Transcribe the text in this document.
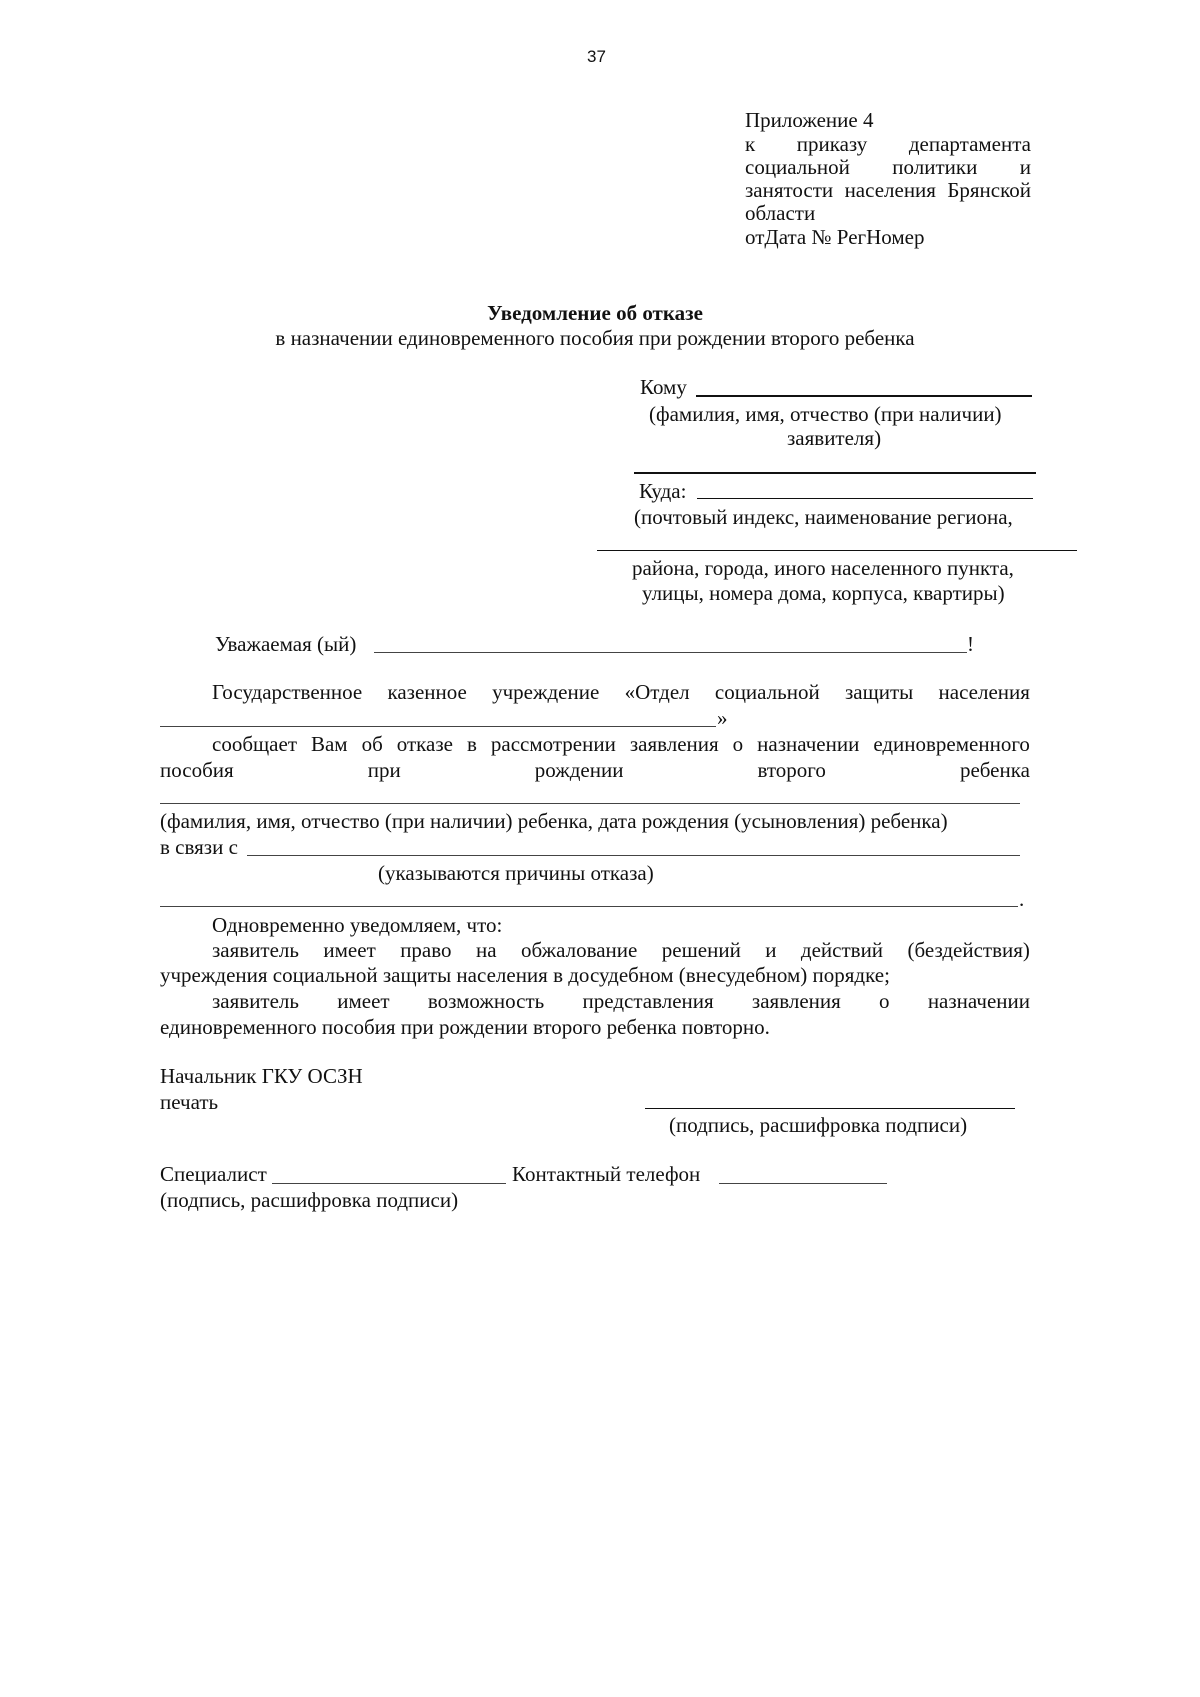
37
Приложение 4
к приказу департамента
социальной политики и
занятости населения Брянской
области
отДата № РегНомер
Уведомление об отказе
в назначении единовременного пособия при рождении второго ребенка
Кому
(фамилия, имя, отчество (при наличии)
заявителя)
Куда:
(почтовый индекс, наименование региона,
района, города, иного населенного пункта,
улицы, номера дома, корпуса, квартиры)
Уважаемая (ый)	!
Государственное казенное учреждение «Отдел социальной защиты населения
»
сообщает Вам об отказе в рассмотрении заявления о назначении единовременного
пособия	при	рождении	второго	ребенка
(фамилия, имя, отчество (при наличии) ребенка, дата рождения (усыновления) ребенка)
в связи с
(указываются причины отказа)
.
Одновременно уведомляем, что:
заявитель имеет право на обжалование решений и действий (бездействия)
учреждения социальной защиты населения в досудебном (внесудебном) порядке;
заявитель имеет возможность представления заявления о назначении
единовременного пособия при рождении второго ребенка повторно.
Начальник ГКУ ОСЗН
печать
(подпись, расшифровка подписи)
Специалист	Контактный телефон
(подпись, расшифровка подписи)
